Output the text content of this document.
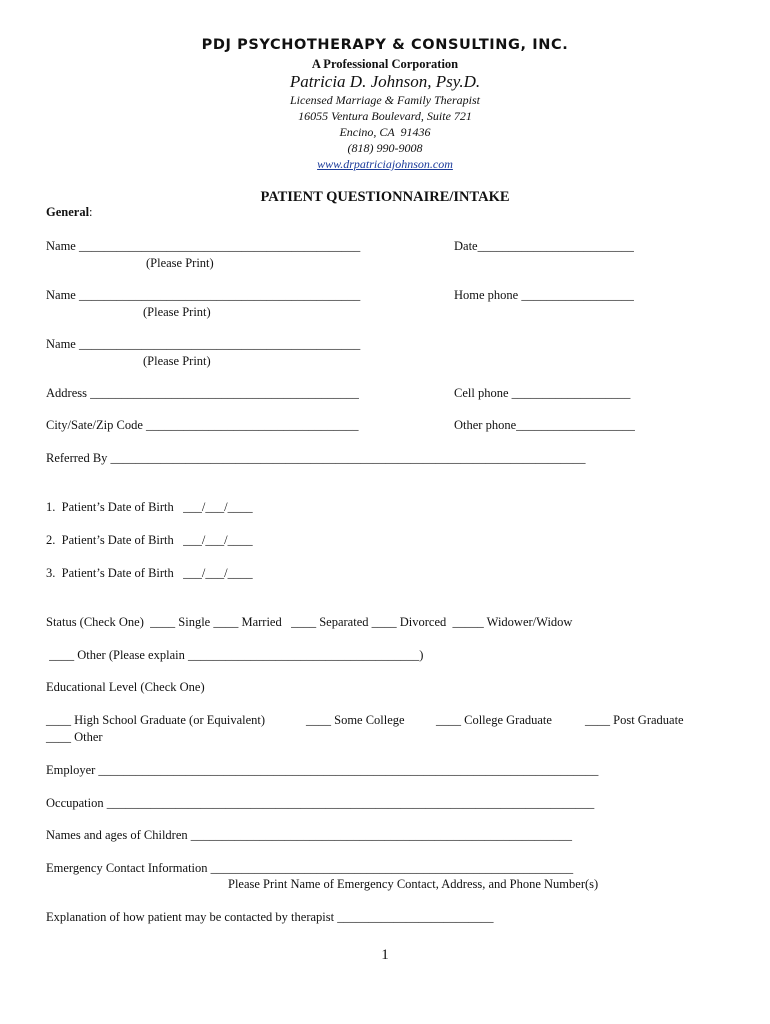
PDJ PSYCHOTHERAPY & CONSULTING, INC.
A Professional Corporation
Patricia D. Johnson, Psy.D.
Licensed Marriage & Family Therapist
16055 Ventura Boulevard, Suite 721
Encino, CA  91436
(818) 990-9008
www.drpatriciajohnson.com
PATIENT QUESTIONNAIRE/INTAKE
General:
Name _____________________________________________
(Please Print)
Date_________________________
Name _____________________________________________
(Please Print)
Home phone __________________
Name _____________________________________________
(Please Print)
Address ___________________________________________	Cell phone ___________________
City/Sate/Zip Code __________________________________	Other phone___________________
Referred By ____________________________________________________________________________
1.  Patient’s Date of Birth   ___/___/____
2.  Patient’s Date of Birth   ___/___/____
3.  Patient’s Date of Birth   ___/___/____
Status (Check One)  ____ Single ____ Married   ____ Separated ____ Divorced  _____ Widower/Widow
____ Other (Please explain _____________________________________)
Educational Level (Check One)
____ High School Graduate (or Equivalent)	____ Some College	____ College Graduate	____ Post Graduate
____ Other
Employer ________________________________________________________________________________
Occupation ______________________________________________________________________________
Names and ages of Children _____________________________________________________________
Emergency Contact Information __________________________________________________________
Please Print Name of Emergency Contact, Address, and Phone Number(s)
Explanation of how patient may be contacted by therapist _________________________
1
